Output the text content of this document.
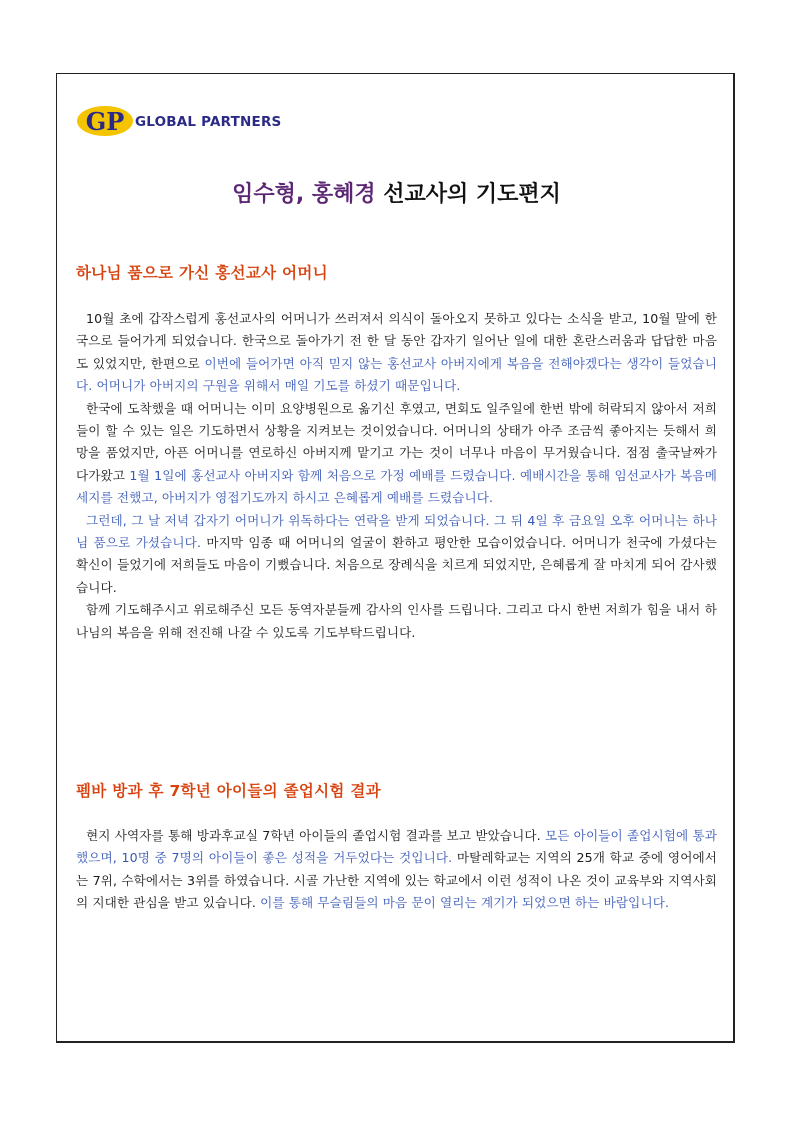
GP GLOBAL PARTNERS
임수형, 홍혜경 선교사의 기도편지
하나님 품으로 가신 홍선교사 어머니

10월 초에 갑작스럽게 홍선교사의 어머니가 쓰러져서 의식이 돌아오지 못하고 있다는 소식을 받고, 10월 말에 한국으로 들어가게 되었습니다. 한국으로 돌아가기 전 한 달 동안 갑자기 일어난 일에 대한 혼란스러움과 답답한 마음도 있었지만, 한편으로 이번에 들어가면 아직 믿지 않는 홍선교사 아버지에게 복음을 전해야겠다는 생각이 들었습니다. 어머니가 아버지의 구원을 위해서 매일 기도를 하셨기 때문입니다.

한국에 도착했을 때 어머니는 이미 요양병원으로 옮기신 후였고, 면회도 일주일에 한번 밖에 허락되지 않아서 저희들이 할 수 있는 일은 기도하면서 상황을 지켜보는 것이었습니다. 어머니의 상태가 아주 조금씩 좋아지는 듯해서 희망을 품었지만, 아픈 어머니를 연로하신 아버지께 맡기고 가는 것이 너무나 마음이 무거웠습니다. 점점 출국날짜가 다가왔고 1월 1일에 홍선교사 아버지와 함께 처음으로 가정 예배를 드렸습니다. 예배시간을 통해 임선교사가 복음메세지를 전했고, 아버지가 영접기도까지 하시고 은혜롭게 예배를 드렸습니다.

그런데, 그 날 저녁 갑자기 어머니가 위독하다는 연락을 받게 되었습니다. 그 뒤 4일 후 금요일 오후 어머니는 하나님 품으로 가셨습니다. 마지막 임종 때 어머니의 얼굴이 환하고 평안한 모습이었습니다. 어머니가 천국에 가셨다는 확신이 들었기에 저희들도 마음이 기뻤습니다. 처음으로 장례식을 치르게 되었지만, 은혜롭게 잘 마치게 되어 감사했습니다.

함께 기도해주시고 위로해주신 모든 동역자분들께 감사의 인사를 드립니다. 그리고 다시 한번 저희가 힘을 내서 하나님의 복음을 위해 전진해 나갈 수 있도록 기도부탁드립니다.

펨바 방과 후 7학년 아이들의 졸업시험 결과

현지 사역자를 통해 방과후교실 7학년 아이들의 졸업시험 결과를 보고 받았습니다. 모든 아이들이 졸업시험에 통과했으며, 10명 중 7명의 아이들이 좋은 성적을 거두었다는 것입니다. 마탈레학교는 지역의 25개 학교 중에 영어에서는 7위, 수학에서는 3위를 하였습니다. 시골 가난한 지역에 있는 학교에서 이런 성적이 나온 것이 교육부와 지역사회의 지대한 관심을 받고 있습니다. 이를 통해 무슬림들의 마음 문이 열리는 계기가 되었으면 하는 바람입니다.
